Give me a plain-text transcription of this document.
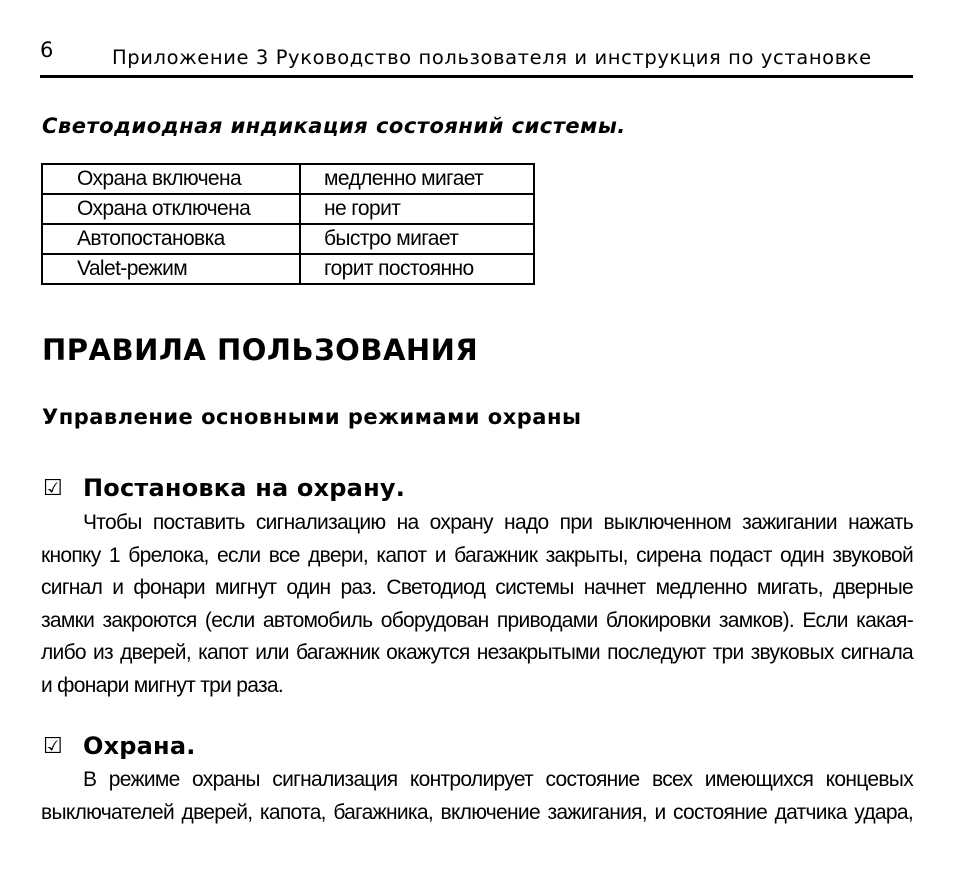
6	Приложение 3 Руководство пользователя и инструкция по установке
Светодиодная индикация состояний системы.
Охрана включена	медленно мигает
Охрана отключена	не горит
Автопостановка	быстро мигает
Valet-режим	горит постоянно
ПРАВИЛА ПОЛЬЗОВАНИЯ
Управление основными режимами охраны
☑ Постановка на охрану.
Чтобы поставить сигнализацию на охрану надо при выключенном зажигании нажать
кнопку 1 брелока, если все двери, капот и багажник закрыты, сирена подаст один звуковой
сигнал и фонари мигнут один раз. Светодиод системы начнет медленно мигать, дверные
замки закроются (если автомобиль оборудован приводами блокировки замков). Если какая-
либо из дверей, капот или багажник окажутся незакрытыми последуют три звуковых сигнала
и фонари мигнут три раза.
☑ Охрана.
В режиме охраны сигнализация контролирует состояние всех имеющихся концевых
выключателей дверей, капота, багажника, включение зажигания, и состояние датчика удара,
